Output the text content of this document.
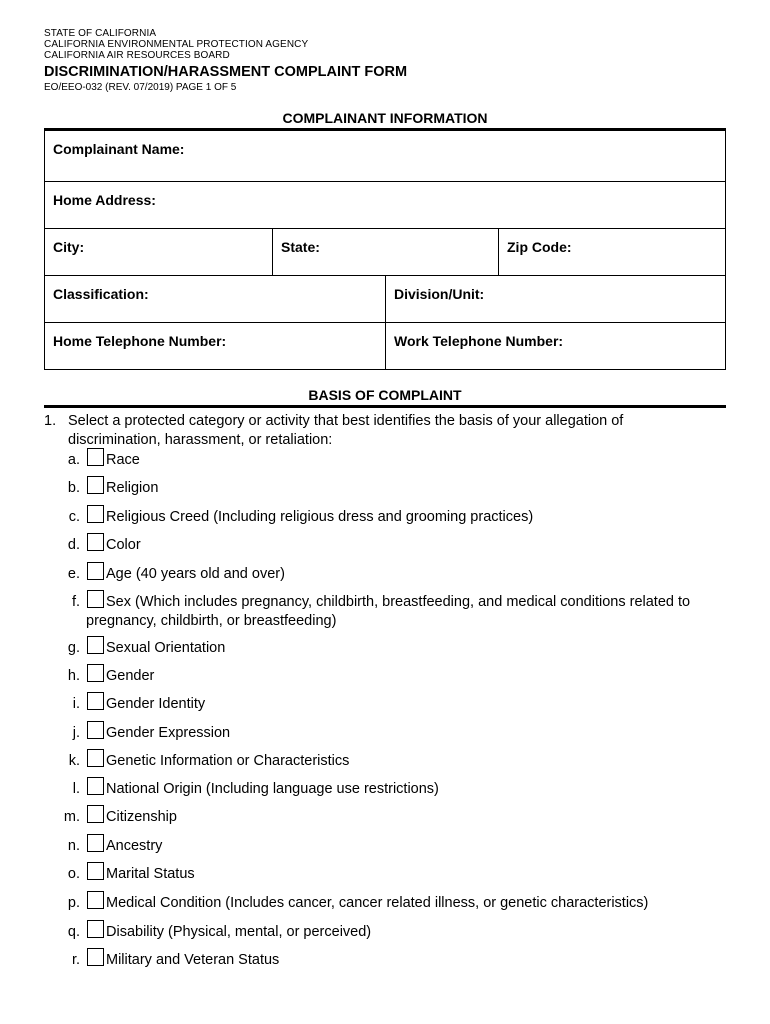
STATE OF CALIFORNIA
CALIFORNIA ENVIRONMENTAL PROTECTION AGENCY
CALIFORNIA AIR RESOURCES BOARD
DISCRIMINATION/HARASSMENT COMPLAINT FORM
EO/EEO-032 (REV. 07/2019) PAGE 1 OF 5
COMPLAINANT INFORMATION
Complainant Name:
Home Address:
City:	State:	Zip Code:
Classification:	Division/Unit:
Home Telephone Number:	Work Telephone Number:
BASIS OF COMPLAINT
1. Select a protected category or activity that best identifies the basis of your allegation of
discrimination, harassment, or retaliation:
a. Race
b. Religion
c. Religious Creed (Including religious dress and grooming practices)
d. Color
e. Age (40 years old and over)
f. Sex (Which includes pregnancy, childbirth, breastfeeding, and medical conditions related to
pregnancy, childbirth, or breastfeeding)
g. Sexual Orientation
h. Gender
i. Gender Identity
j. Gender Expression
k. Genetic Information or Characteristics
l. National Origin (Including language use restrictions)
m. Citizenship
n. Ancestry
o. Marital Status
p. Medical Condition (Includes cancer, cancer related illness, or genetic characteristics)
q. Disability (Physical, mental, or perceived)
r. Military and Veteran Status
